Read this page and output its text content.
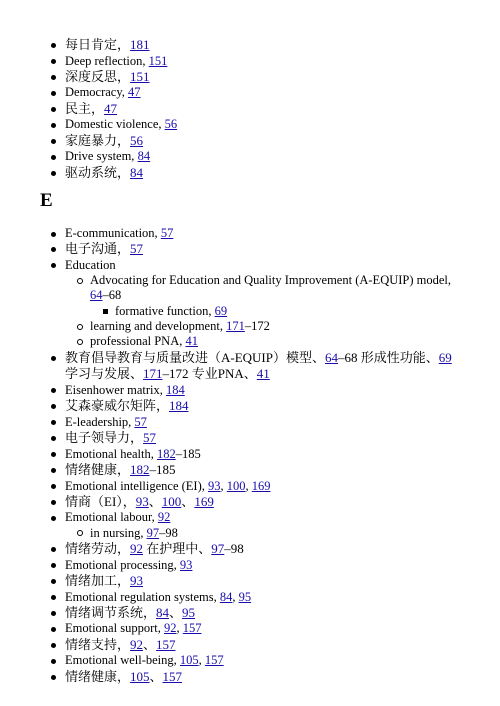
每日肯定，181
Deep reflection, 151
深度反思，151
Democracy, 47
民主，47
Domestic violence, 56
家庭暴力，56
Drive system, 84
驱动系统，84
E
E-communication, 57
电子沟通，57
Education
Advocating for Education and Quality Improvement (A-EQUIP) model, 64–68
formative function, 69
learning and development, 171–172
professional PNA, 41
教育倡导教育与质量改进（A-EQUIP）模型、64–68 形成性功能、69 学习与发展、171–172 专业PNA、41
Eisenhower matrix, 184
艾森豪威尔矩阵，184
E-leadership, 57
电子领导力，57
Emotional health, 182–185
情绪健康，182–185
Emotional intelligence (EI), 93, 100, 169
情商（EI），93、100、169
Emotional labour, 92
in nursing, 97–98
情绪劳动，92 在护理中、97–98
Emotional processing, 93
情绪加工，93
Emotional regulation systems, 84, 95
情绪调节系统，84、95
Emotional support, 92, 157
情绪支持，92、157
Emotional well-being, 105, 157
情绪健康，105、157
